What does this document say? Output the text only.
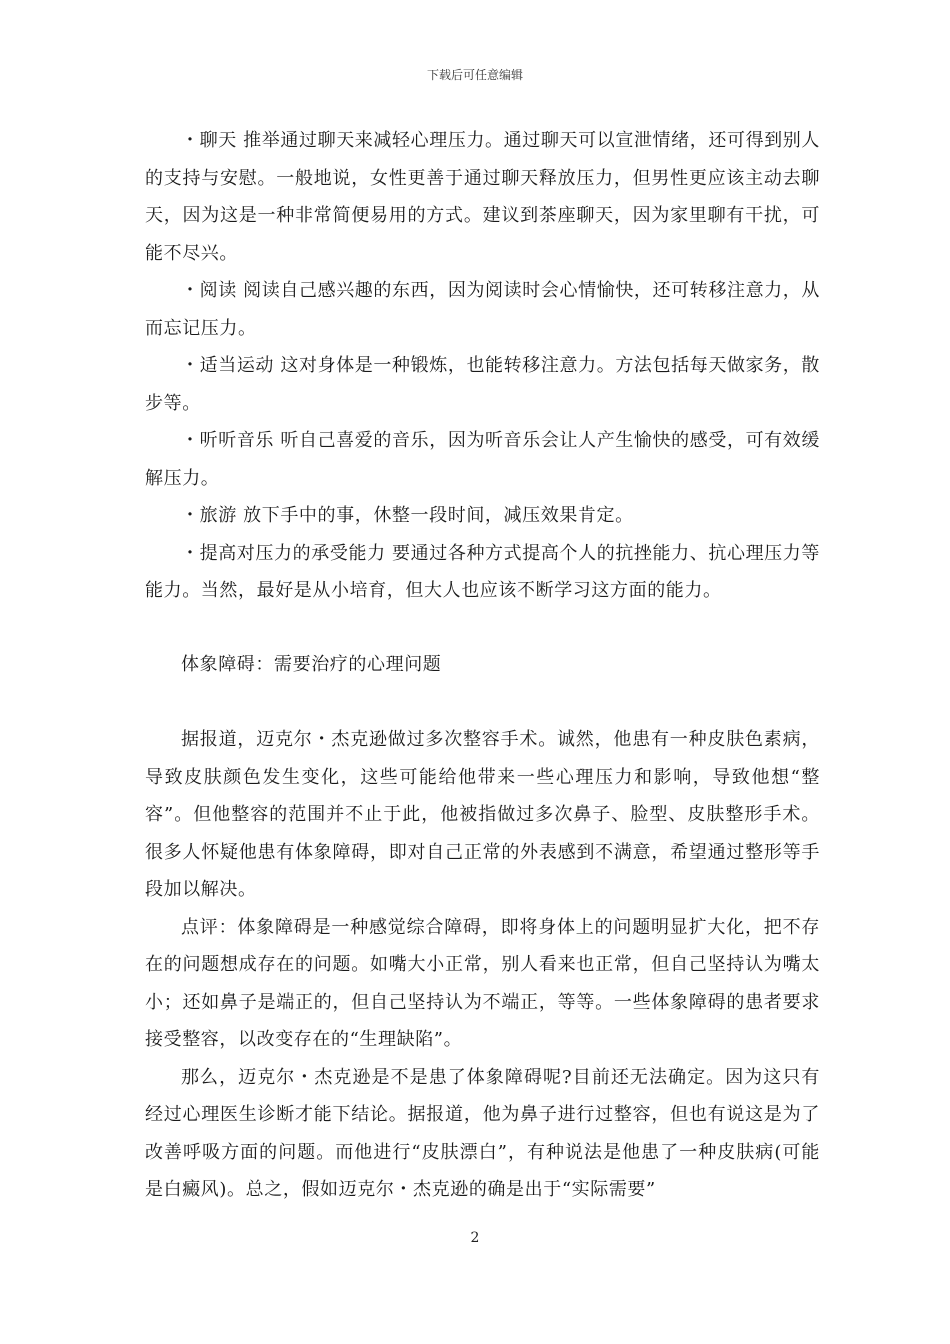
下载后可任意编辑

・聊天 推举通过聊天来减轻心理压力。通过聊天可以宣泄情绪，还可得到别人的支持与安慰。一般地说，女性更善于通过聊天释放压力，但男性更应该主动去聊天，因为这是一种非常简便易用的方式。建议到茶座聊天，因为家里聊有干扰，可能不尽兴。

・阅读 阅读自己感兴趣的东西，因为阅读时会心情愉快，还可转移注意力，从而忘记压力。

・适当运动 这对身体是一种锻炼，也能转移注意力。方法包括每天做家务，散步等。

・听听音乐 听自己喜爱的音乐，因为听音乐会让人产生愉快的感受，可有效缓解压力。

・旅游 放下手中的事，休整一段时间，减压效果肯定。

・提高对压力的承受能力 要通过各种方式提高个人的抗挫能力、抗心理压力等能力。当然，最好是从小培育，但大人也应该不断学习这方面的能力。

体象障碍：需要治疗的心理问题

据报道，迈克尔・杰克逊做过多次整容手术。诚然，他患有一种皮肤色素病，导致皮肤颜色发生变化，这些可能给他带来一些心理压力和影响，导致他想“整容”。但他整容的范围并不止于此，他被指做过多次鼻子、脸型、皮肤整形手术。很多人怀疑他患有体象障碍，即对自己正常的外表感到不满意，希望通过整形等手段加以解决。

点评：体象障碍是一种感觉综合障碍，即将身体上的问题明显扩大化，把不存在的问题想成存在的问题。如嘴大小正常，别人看来也正常，但自己坚持认为嘴太小；还如鼻子是端正的，但自己坚持认为不端正，等等。一些体象障碍的患者要求接受整容，以改变存在的“生理缺陷”。

那么，迈克尔・杰克逊是不是患了体象障碍呢?目前还无法确定。因为这只有经过心理医生诊断才能下结论。据报道，他为鼻子进行过整容，但也有说这是为了改善呼吸方面的问题。而他进行“皮肤漂白”，有种说法是他患了一种皮肤病(可能是白癜风)。总之，假如迈克尔・杰克逊的确是出于“实际需要”

2
